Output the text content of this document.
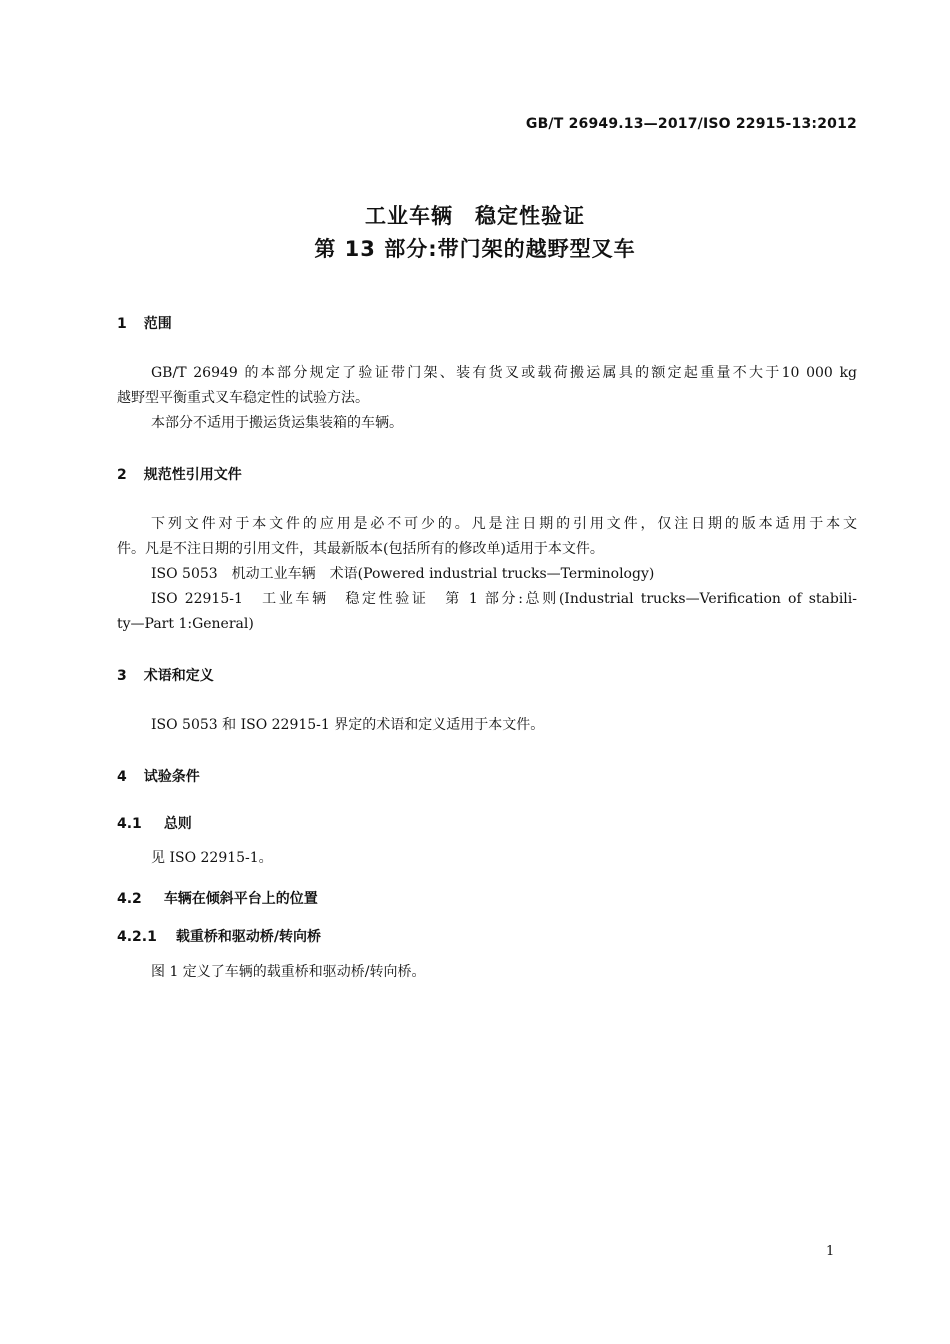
GB/T 26949.13—2017/ISO 22915-13:2012
工业车辆　稳定性验证
第 13 部分:带门架的越野型叉车
1 范围
GB/T 26949 的本部分规定了验证带门架、装有货叉或载荷搬运属具的额定起重量不大于10 000 kg
越野型平衡重式叉车稳定性的试验方法。
本部分不适用于搬运货运集装箱的车辆。
2 规范性引用文件
下列文件对于本文件的应用是必不可少的。凡是注日期的引用文件，仅注日期的版本适用于本文
件。凡是不注日期的引用文件，其最新版本(包括所有的修改单)适用于本文件。
ISO 5053　机动工业车辆　术语(Powered industrial trucks—Terminology)
ISO 22915-1　工业车辆　稳定性验证　第 1 部分:总则(Industrial trucks—Verification of stabili-
ty—Part 1:General)
3 术语和定义
ISO 5053 和 ISO 22915-1 界定的术语和定义适用于本文件。
4 试验条件
4.1 总则
见 ISO 22915-1。
4.2 车辆在倾斜平台上的位置
4.2.1 载重桥和驱动桥/转向桥
图 1 定义了车辆的载重桥和驱动桥/转向桥。
1
